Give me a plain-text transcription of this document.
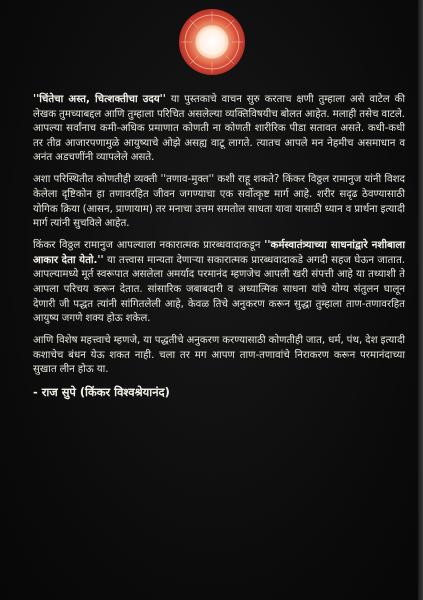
''चिंतेचा अस्त, चित्शक्तीचा उदय'' या पुस्तकाचे वाचन सुरु करताच क्षणी तुम्हाला असे वाटेल की लेखक तुमच्याबद्दल आणि तुम्हाला परिचित असलेल्या व्यक्तिविषयीच बोलत आहेत. मलाही तसेच वाटले. आपल्या सर्वांनाच कमी-अधिक प्रमाणात कोणती ना कोणती शारीरिक पीडा सतावत असते. कधी-कधी तर तीव्र आजारपणामुळे आयुष्याचे ओझे असह्य वाटू लागते. त्यातच आपले मन नेहमीच असमाधान व अनंत अडचणींनी व्यापलेले असते.

अशा परिस्थितीत कोणतीही व्यक्ती ''तणाव-मुक्त'' कशी राहू शकते? किंकर विठ्ठल रामानुज यांनी विशद केलेला दृष्टिकोन हा तणावरहित जीवन जगण्याचा एक सर्वोत्कृष्ट मार्ग आहे. शरीर सदृढ ठेवण्यासाठी योगिक क्रिया (आसन, प्राणायाम) तर मनाचा उत्तम समतोल साधता यावा यासाठी ध्यान व प्रार्थना इत्यादी मार्ग त्यांनी सुचविले आहेत.

किंकर विठ्ठल रामानुज आपल्याला नकारात्मक प्रारब्धवादाकडून ''कर्मस्वातंत्र्याच्या साधनांद्वारे नशीबाला आकार देता येतो.'' या तत्त्वास मान्यता देणाऱ्या सकारात्मक प्रारब्धवादाकडे अगदी सहज घेऊन जातात. आपल्यामध्ये मूर्त स्वरूपात असलेला अमर्याद परमानंद म्हणजेच आपली खरी संपत्ती आहे या तथ्याशी ते आपला परिचय करून देतात. सांसारिक जबाबदारी व अध्यात्मिक साधना यांचे योग्य संतुलन घालून देणारी जी पद्धत त्यांनी सांगितलेली आहे, केवळ तिचे अनुकरण करून सुद्धा तुम्हाला ताण-तणावरहित आयुष्य जगणे शक्य होऊ शकेल.

आणि विशेष महत्त्वाचे म्हणजे, या पद्धतीचे अनुकरण करण्यासाठी कोणतीही जात, धर्म, पंथ, देश इत्यादी कशाचेच बंधन येऊ शकत नाही. चला तर मग आपण ताण-तणावांचे निराकरण करून परमानंदाच्या सुखात लीन होऊ या.

- राज सुपे (किंकर विश्वश्रेयानंद)
